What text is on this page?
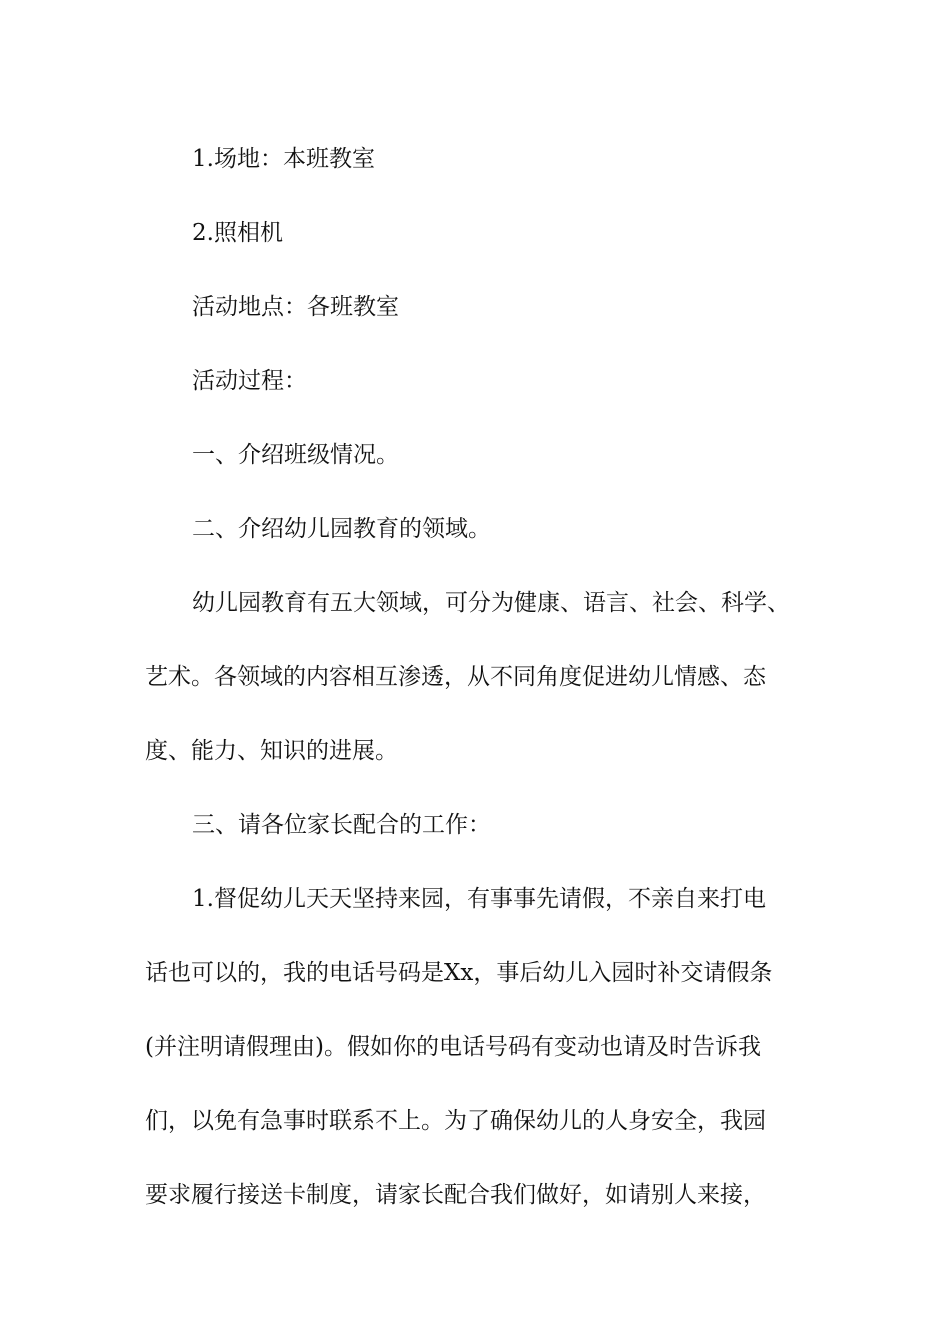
1.场地：本班教室

2.照相机

活动地点：各班教室

活动过程：

一、介绍班级情况。

二、介绍幼儿园教育的领域。

幼儿园教育有五大领域，可分为健康、语言、社会、科学、

艺术。各领域的内容相互渗透，从不同角度促进幼儿情感、态

度、能力、知识的进展。

三、请各位家长配合的工作：

1.督促幼儿天天坚持来园，有事事先请假，不亲自来打电

话也可以的，我的电话号码是Xx，事后幼儿入园时补交请假条

(并注明请假理由)。假如你的电话号码有变动也请及时告诉我

们，以免有急事时联系不上。为了确保幼儿的人身安全，我园

要求履行接送卡制度，请家长配合我们做好，如请别人来接，
